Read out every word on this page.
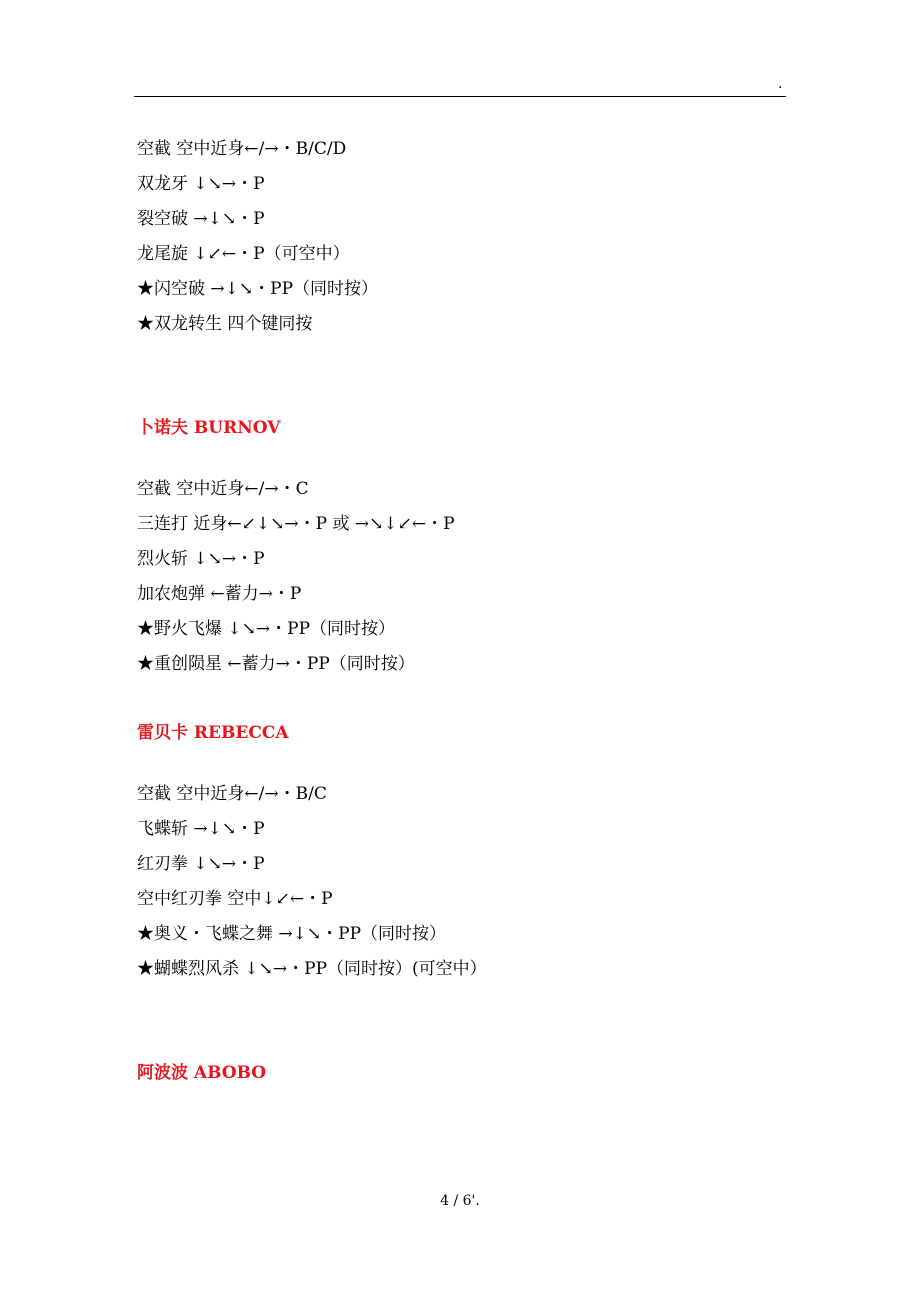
.
空截 空中近身←/→・B/C/D
双龙牙 ↓↘→・P
裂空破 →↓↘・P
龙尾旋 ↓↙←・P（可空中）
★闪空破 →↓↘・PP（同时按）
★双龙转生 四个键同按
卜诺夫 BURNOV
空截 空中近身←/→・C
三连打 近身←↙↓↘→・P 或 →↘↓↙←・P
烈火斩 ↓↘→・P
加农炮弹 ←蓄力→・P
★野火飞爆 ↓↘→・PP（同时按）
★重创陨星 ←蓄力→・PP（同时按）
雷贝卡 REBECCA
空截 空中近身←/→・B/C
飞蝶斩 →↓↘・P
红刃拳 ↓↘→・P
空中红刃拳 空中↓↙←・P
★奥义・飞蝶之舞 →↓↘・PP（同时按）
★蝴蝶烈风杀 ↓↘→・PP（同时按）(可空中）
阿波波 ABOBO
4 / 6'.
